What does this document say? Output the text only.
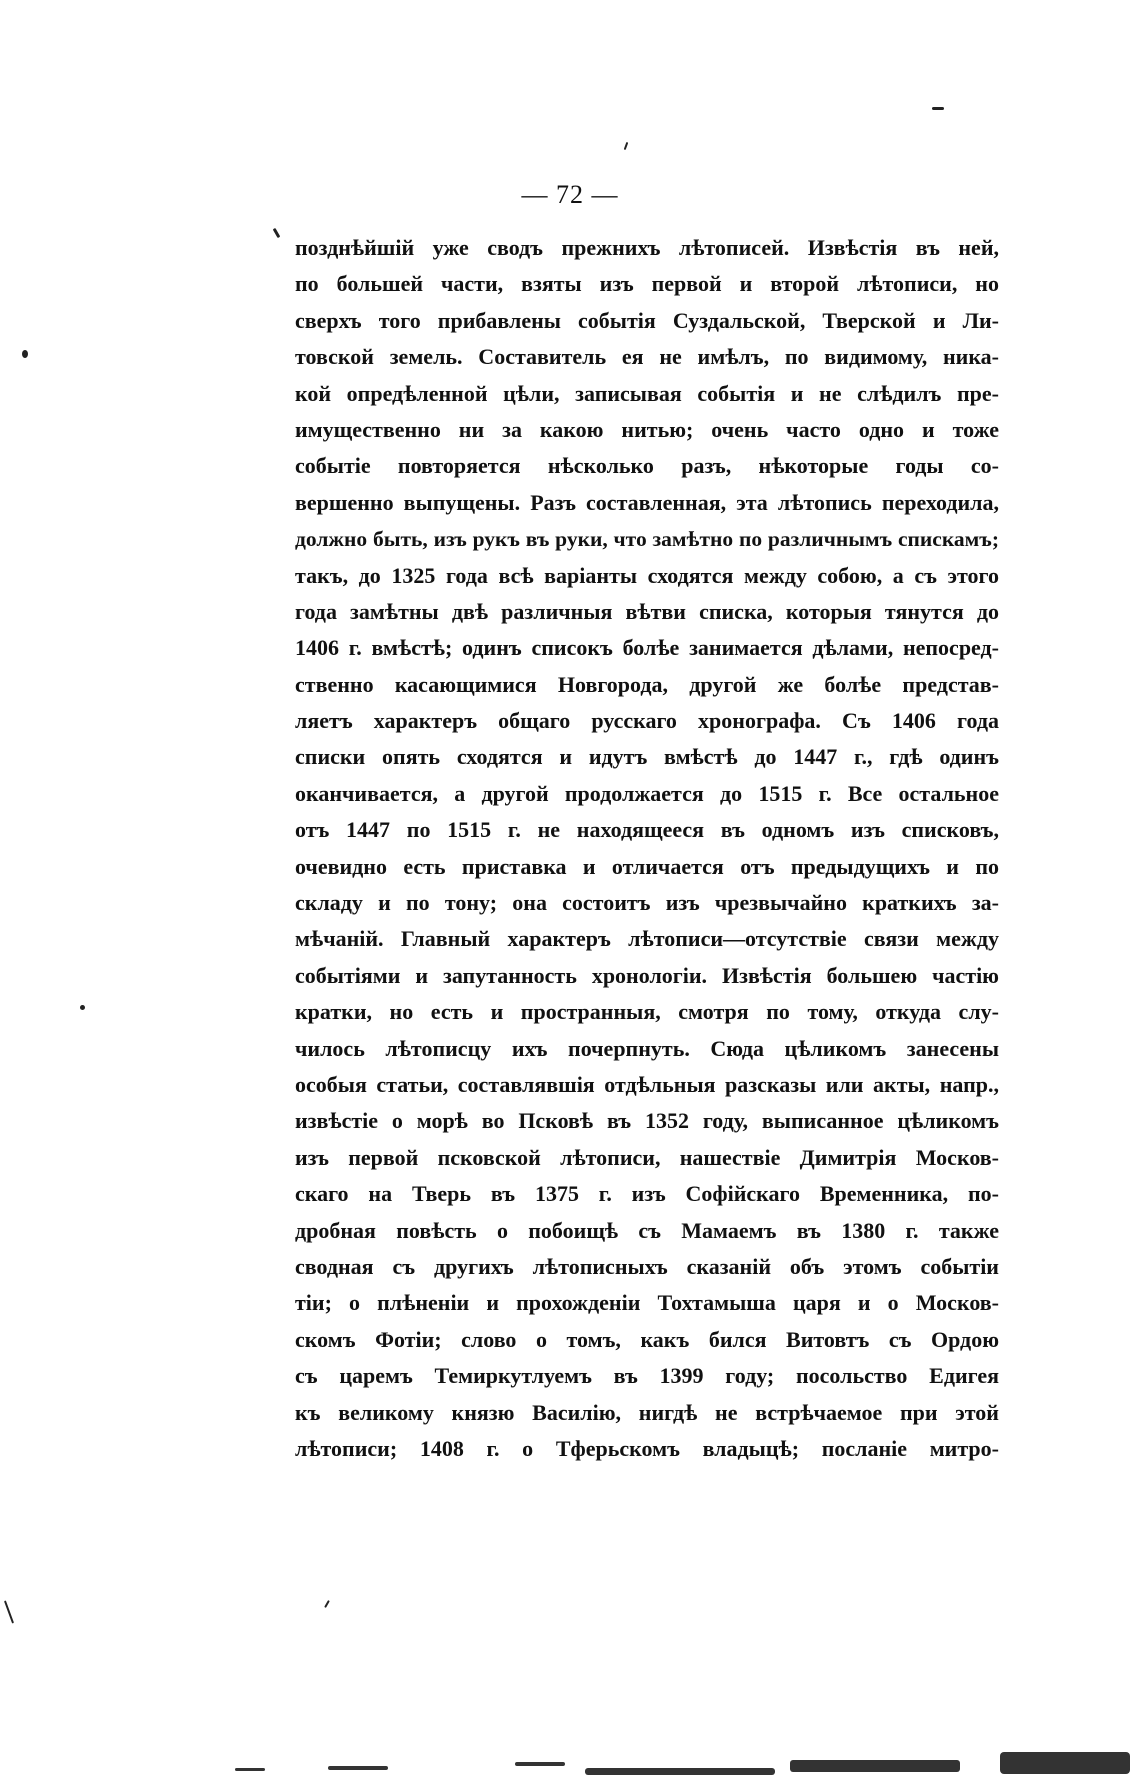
— 72 —
позднѣйшій уже сводъ прежнихъ лѣтописей. Извѣстія въ ней,
по большей части, взяты изъ первой и второй лѣтописи, но
сверхъ того прибавлены событія Суздальской, Тверской и Ли-
товской земель. Составитель ея не имѣлъ, по видимому, ника-
кой опредѣленной цѣли, записывая событія и не слѣдилъ пре-
имущественно ни за какою нитью; очень часто одно и тоже
событіе повторяется нѣсколько разъ, нѣкоторые годы со-
вершенно выпущены. Разъ составленная, эта лѣтопись переходила,
должно быть, изъ рукъ въ руки, что замѣтно по различнымъ спискамъ;
такъ, до 1325 года всѣ варіанты сходятся между собою, а съ этого
года замѣтны двѣ различныя вѣтви списка, которыя тянутся до
1406 г. вмѣстѣ; одинъ списокъ болѣе занимается дѣлами, непосред-
ственно касающимися Новгорода, другой же болѣе представ-
ляетъ характеръ общаго русскаго хронографа. Съ 1406 года
списки опять сходятся и идутъ вмѣстѣ до 1447 г., гдѣ одинъ
оканчивается, а другой продолжается до 1515 г. Все остальное
отъ 1447 по 1515 г. не находящееся въ одномъ изъ списковъ,
очевидно есть приставка и отличается отъ предыдущихъ и по
складу и по тону; она состоитъ изъ чрезвычайно краткихъ за-
мѣчаній. Главный характеръ лѣтописи—отсутствіе связи между
событіями и запутанность хронологіи. Извѣстія большею частію
кратки, но есть и пространныя, смотря по тому, откуда слу-
чилось лѣтописцу ихъ почерпнуть. Сюда цѣликомъ занесены
особыя статьи, составлявшія отдѣльныя разсказы или акты, напр.,
извѣстіе о морѣ во Псковѣ въ 1352 году, выписанное цѣликомъ
изъ первой псковской лѣтописи, нашествіе Димитрія Москов-
скаго на Тверь въ 1375 г. изъ Софійскаго Временника, по-
дробная повѣсть о побоищѣ съ Мамаемъ въ 1380 г. также
сводная съ другихъ лѣтописныхъ сказаній объ этомъ событіи
тіи; о плѣненіи и прохожденіи Тохтамыша царя и о Москов-
скомъ Фотіи; слово о томъ, какъ бился Витовтъ съ Ордою
съ царемъ Темиркутлуемъ въ 1399 году; посольство Едигея
къ великому князю Василію, нигдѣ не встрѣчаемое при этой
лѣтописи; 1408 г. о Тферьскомъ владыцѣ; посланіе митро-
